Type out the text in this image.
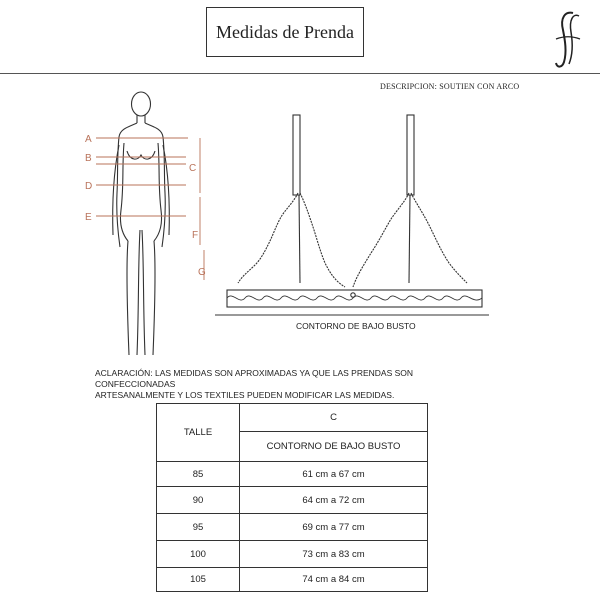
Medidas de Prenda
DESCRIPCION: SOUTIEN CON ARCO
A
B
C
D
E
F
G
CONTORNO DE BAJO BUSTO
ACLARACIÓN: LAS MEDIDAS SON APROXIMADAS YA QUE LAS PRENDAS SON CONFECCIONADAS
ARTESANALMENTE Y LOS TEXTILES PUEDEN MODIFICAR LAS MEDIDAS.
TALLE	C
	CONTORNO DE BAJO BUSTO
85	61 cm a 67 cm
90	64 cm a 72 cm
95	69 cm a 77 cm
100	73 cm a 83 cm
105	74 cm a 84 cm
